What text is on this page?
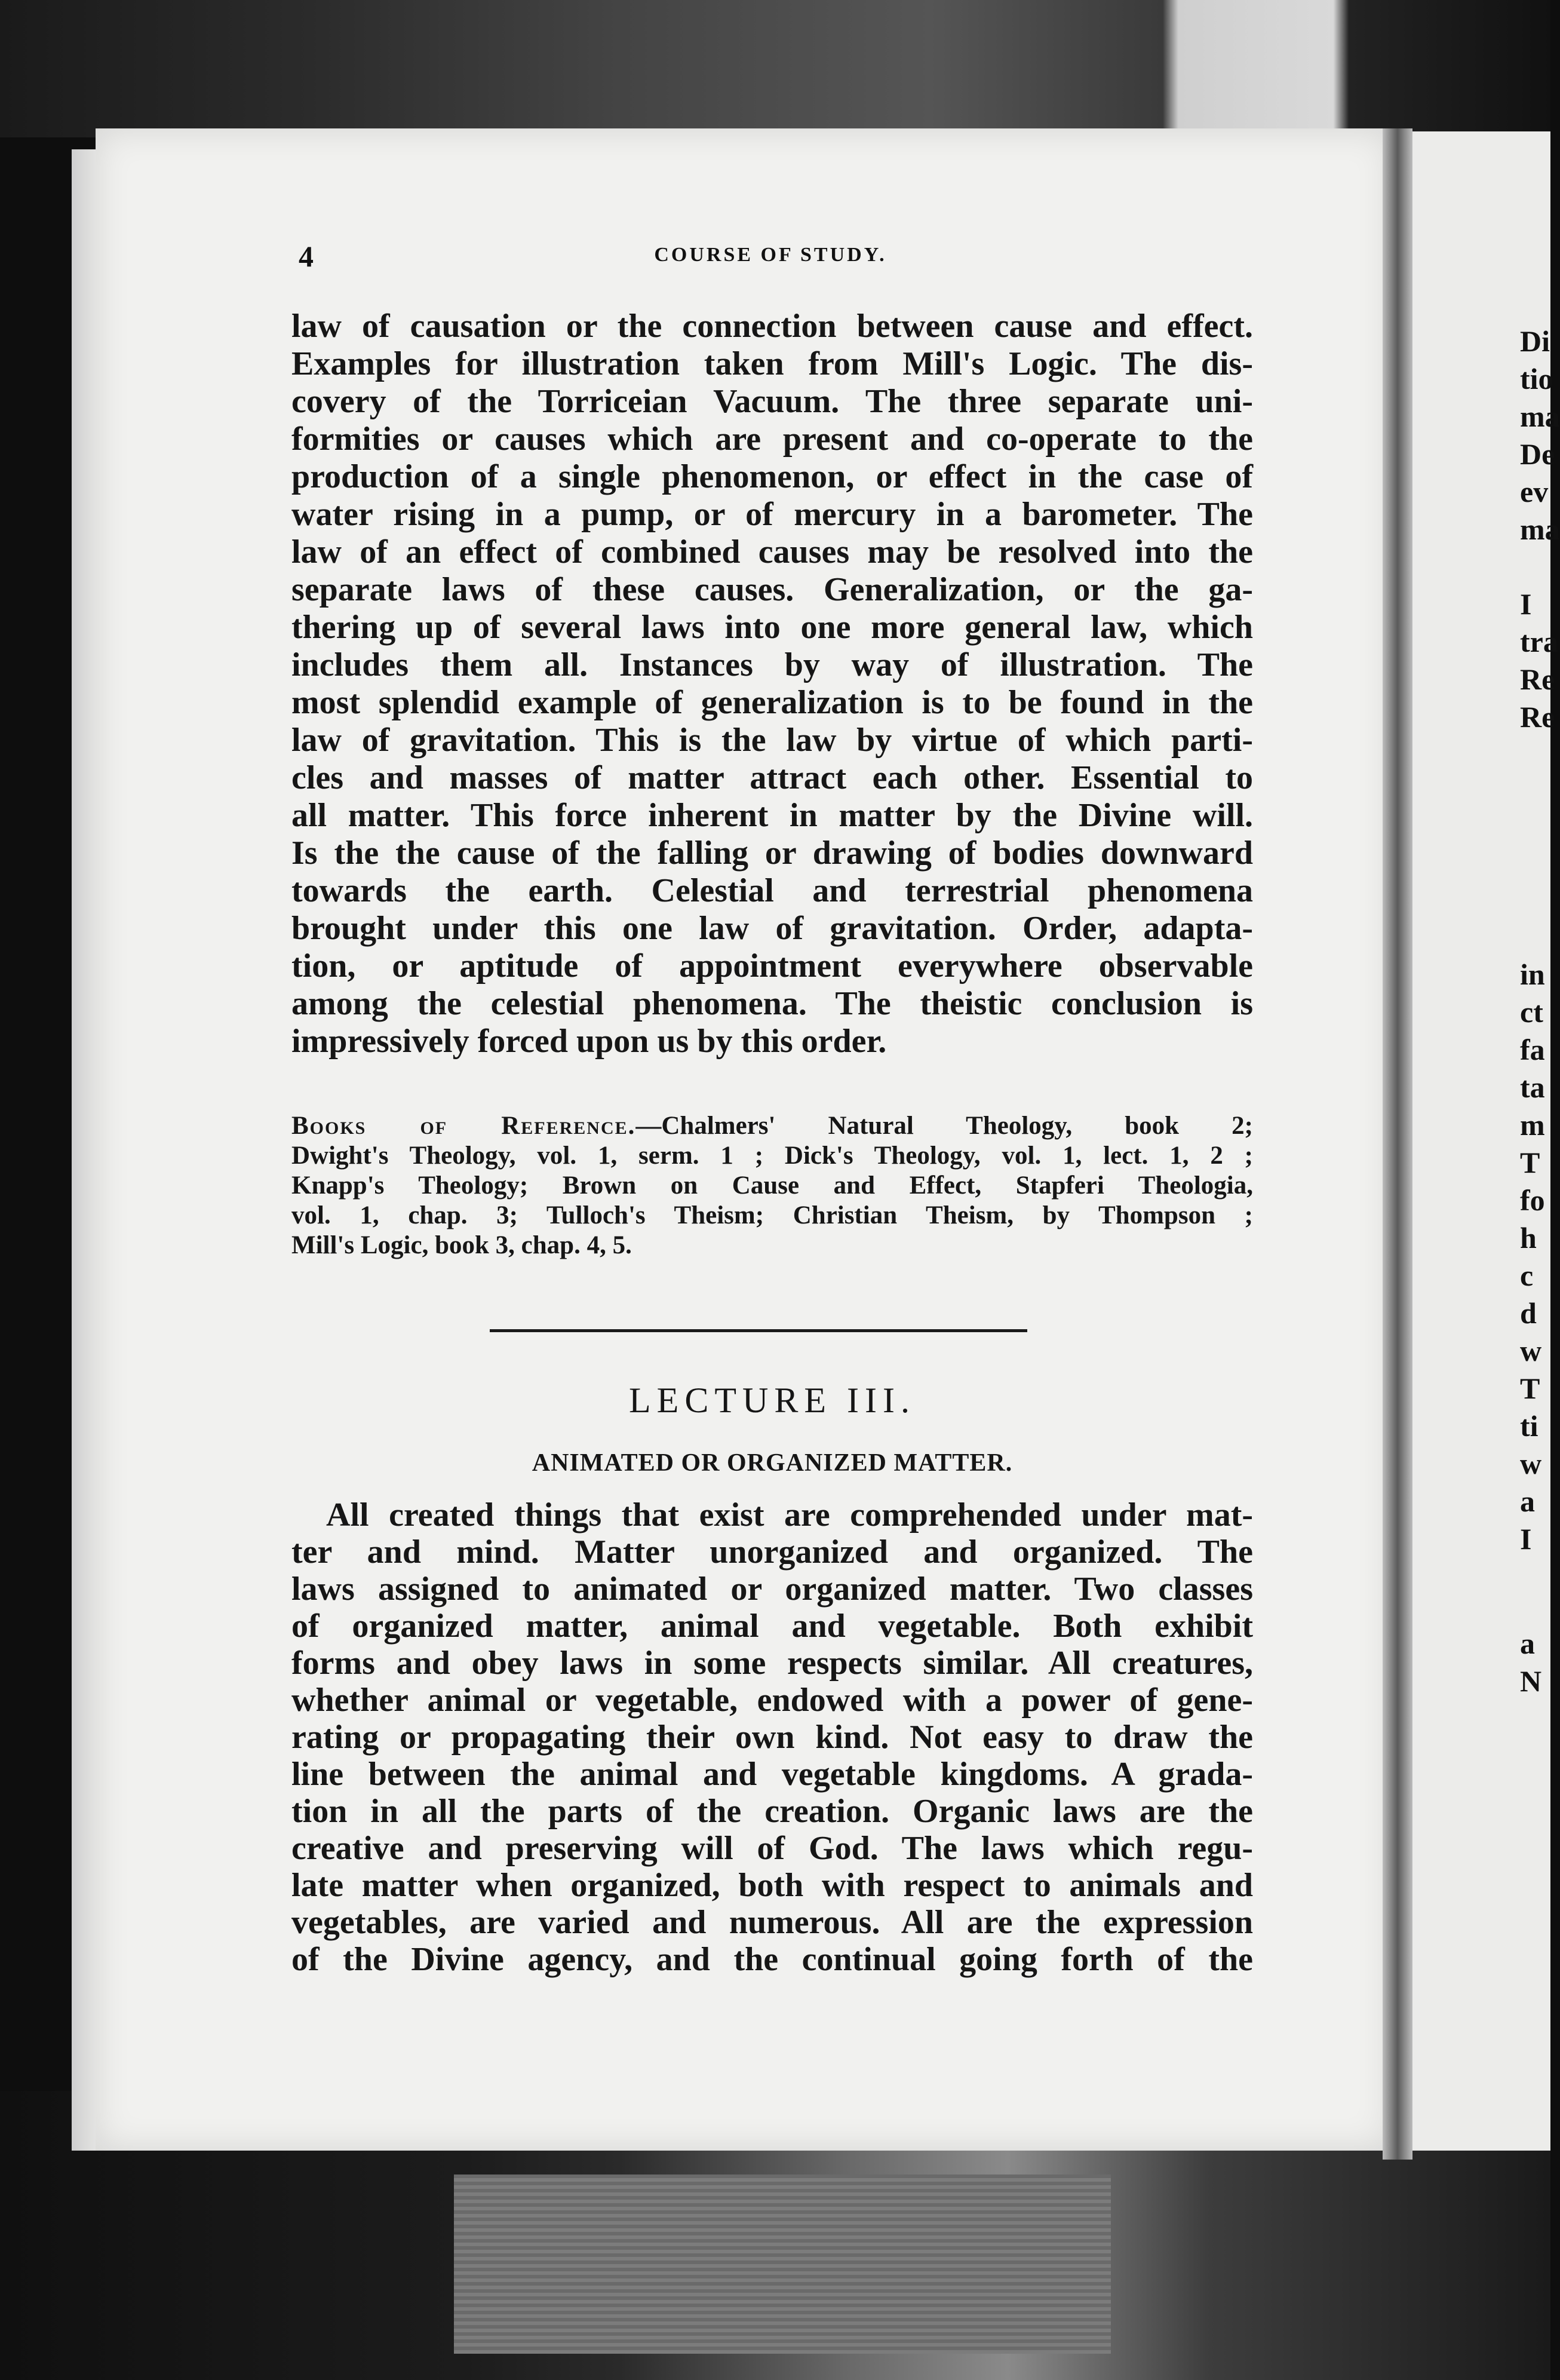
4	COURSE OF STUDY.
law of causation or the connection between cause and effect.
Examples for illustration taken from Mill's Logic. The dis-
covery of the Torriceian Vacuum. The three separate uni-
formities or causes which are present and co-operate to the
production of a single phenomenon, or effect in the case of
water rising in a pump, or of mercury in a barometer. The
law of an effect of combined causes may be resolved into the
separate laws of these causes. Generalization, or the ga-
thering up of several laws into one more general law, which
includes them all. Instances by way of illustration. The
most splendid example of generalization is to be found in the
law of gravitation. This is the law by virtue of which parti-
cles and masses of matter attract each other. Essential to
all matter. This force inherent in matter by the Divine will.
Is the the cause of the falling or drawing of bodies downward
towards the earth. Celestial and terrestrial phenomena
brought under this one law of gravitation. Order, adapta-
tion, or aptitude of appointment everywhere observable
among the celestial phenomena. The theistic conclusion is
impressively forced upon us by this order.
Books of Reference.—Chalmers' Natural Theology, book 2;
Dwight's Theology, vol. 1, serm. 1 ; Dick's Theology, vol. 1, lect. 1, 2 ;
Knapp's Theology; Brown on Cause and Effect, Stapferi Theologia,
vol. 1, chap. 3; Tulloch's Theism; Christian Theism, by Thompson ;
Mill's Logic, book 3, chap. 4, 5.
LECTURE III.
ANIMATED OR ORGANIZED MATTER.
All created things that exist are comprehended under mat-
ter and mind. Matter unorganized and organized. The
laws assigned to animated or organized matter. Two classes
of organized matter, animal and vegetable. Both exhibit
forms and obey laws in some respects similar. All creatures,
whether animal or vegetable, endowed with a power of gene-
rating or propagating their own kind. Not easy to draw the
line between the animal and vegetable kingdoms. A grada-
tion in all the parts of the creation. Organic laws are the
creative and preserving will of God. The laws which regu-
late matter when organized, both with respect to animals and
vegetables, are varied and numerous. All are the expression
of the Divine agency, and the continual going forth of the
Di
tio
ma
De
ev
ma
I
tra
Re
Re
in
ct
fa
ta
m
T
fo
h
c
d
w
T
ti
w
a
I
a
N
